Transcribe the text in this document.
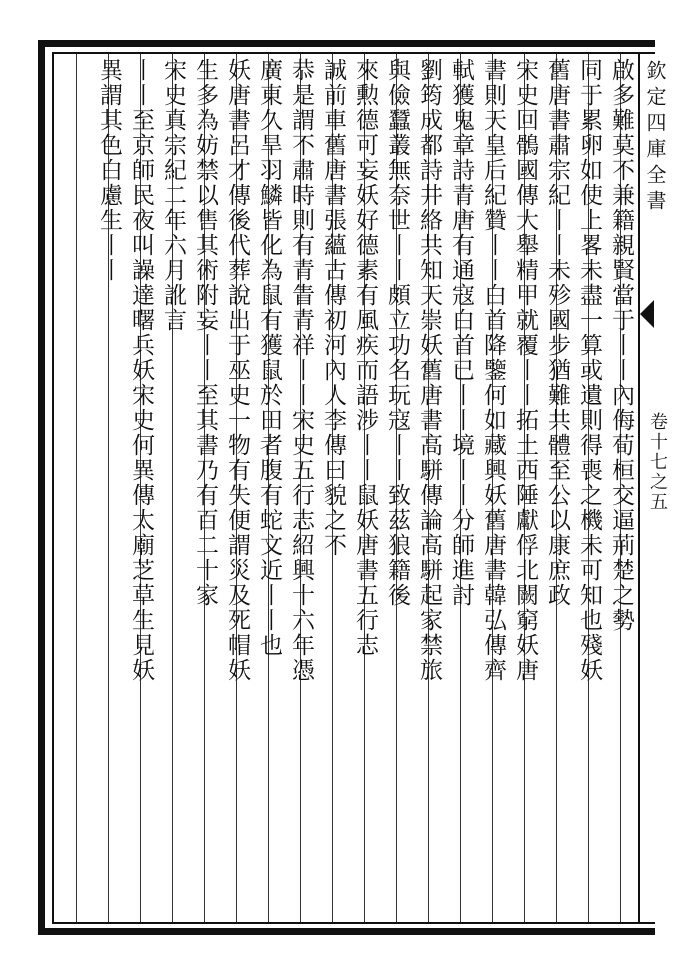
欽定四庫全書
卷十七之五
啟多難莫不兼籍親賢當于丨丨內侮荀桓交逼荊楚之勢
同于累卵如使上畧未盡一算或遺則得喪之機未可知也殘妖
舊唐書肅宗紀丨丨未殄國步猶難共體至公以康庶政
宋史回鶻國傳大舉精甲就覆丨丨拓土西陲獻俘北闕窮妖唐
書則天皇后紀贊丨丨白首降鑒何如藏興妖舊唐書韓弘傳齊
軾獲鬼章詩青唐有通寇白首已丨丨境丨丨分師進討
劉筠成都詩井絡共知天崇妖舊唐書高駢傳論高駢起家禁旅
與儉蠶叢無奈世丨丨頗立功名玩寇丨丨致茲狼籍後
來勲德可妄妖好德素有風疾而語涉丨丨鼠妖唐書五行志
誠前車舊唐書張蘊古傳初河內人李傳曰貌之不
恭是謂不肅時則有青眚青祥丨丨宋史五行志紹興十六年憑
廣東久旱羽鱗皆化為鼠有獲鼠於田者腹有蛇文近丨丨也
妖唐書呂才傳後代葬說出于巫史一物有失便謂災及死帽妖
生多為妨禁以售其術附妄丨丨至其書乃有百二十家
宋史真宗紀二年六月訛言
丨丨至京師民夜叫譟達曙兵妖宋史何異傳太廟芝草生見妖
異謂其色白慮生丨丨
